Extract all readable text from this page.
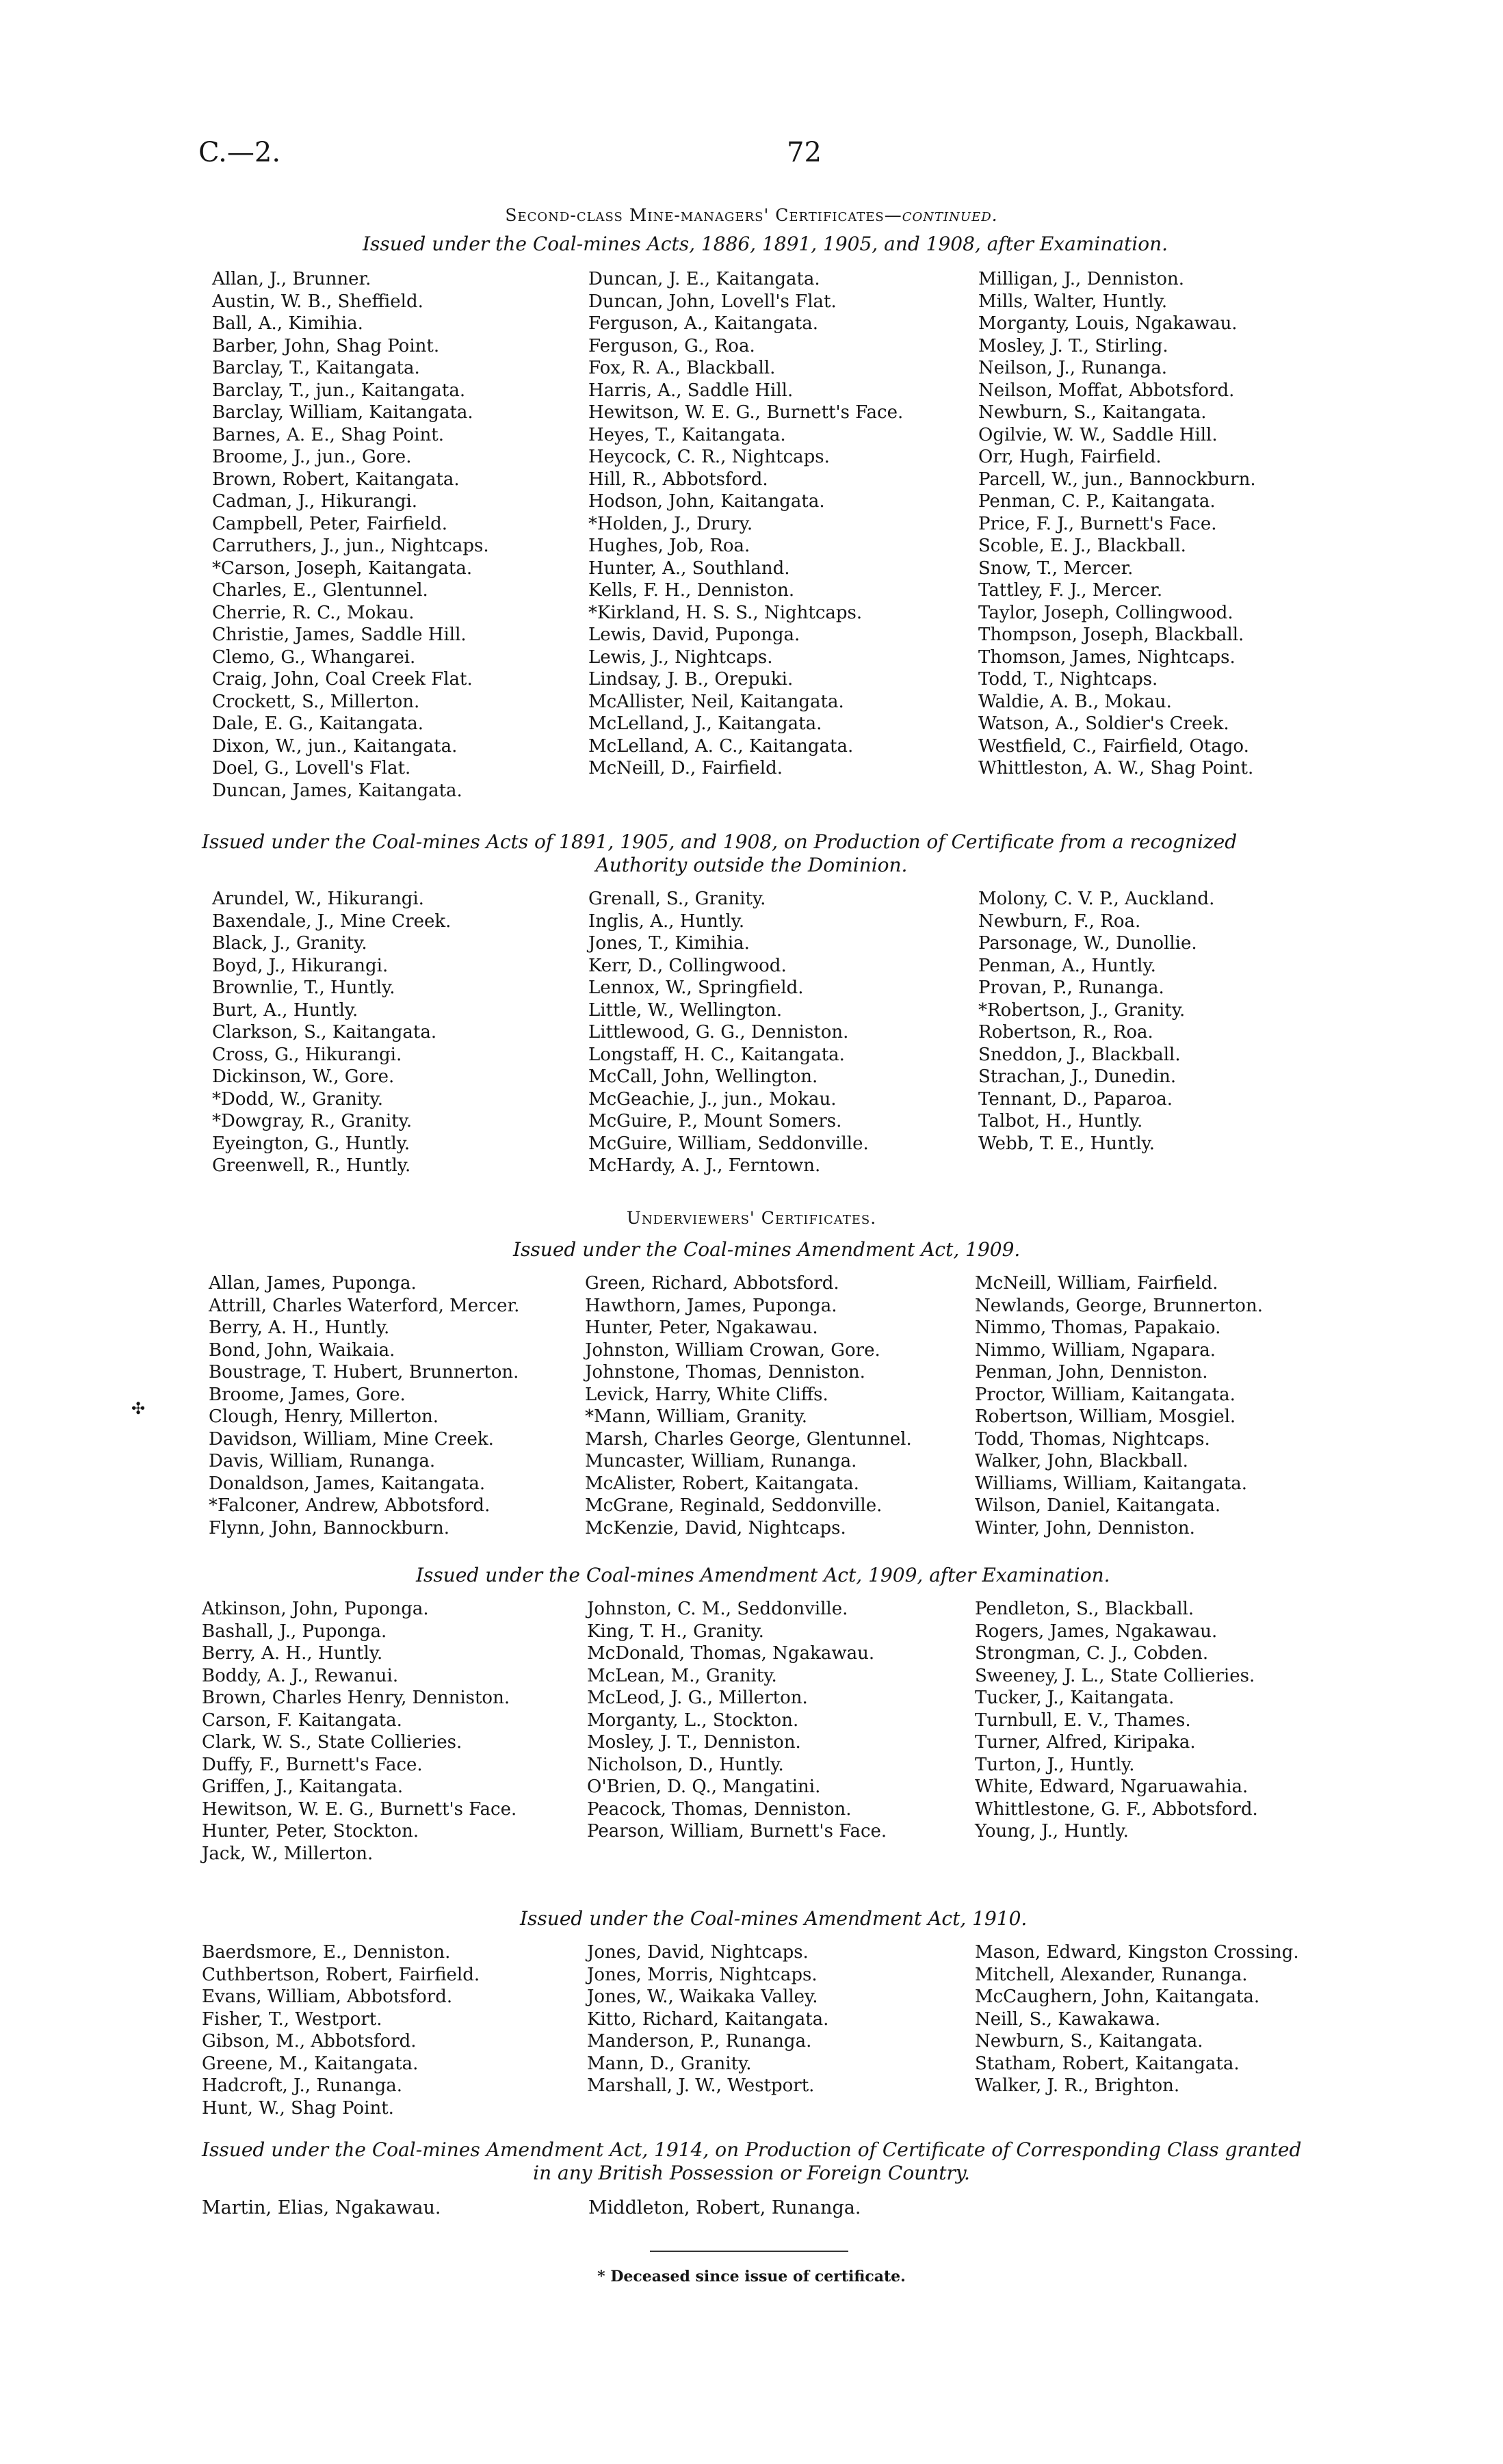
C.—2.	72
Second-class Mine-managers' Certificates—continued.
Issued under the Coal-mines Acts, 1886, 1891, 1905, and 1908, after Examination.
Allan, J., Brunner.
Austin, W. B., Sheffield.
Ball, A., Kimihia.
Barber, John, Shag Point.
Barclay, T., Kaitangata.
Barclay, T., jun., Kaitangata.
Barclay, William, Kaitangata.
Barnes, A. E., Shag Point.
Broome, J., jun., Gore.
Brown, Robert, Kaitangata.
Cadman, J., Hikurangi.
Campbell, Peter, Fairfield.
Carruthers, J., jun., Nightcaps.
*Carson, Joseph, Kaitangata.
Charles, E., Glentunnel.
Cherrie, R. C., Mokau.
Christie, James, Saddle Hill.
Clemo, G., Whangarei.
Craig, John, Coal Creek Flat.
Crockett, S., Millerton.
Dale, E. G., Kaitangata.
Dixon, W., jun., Kaitangata.
Doel, G., Lovell's Flat.
Duncan, James, Kaitangata.
Duncan, J. E., Kaitangata.
Duncan, John, Lovell's Flat.
Ferguson, A., Kaitangata.
Ferguson, G., Roa.
Fox, R. A., Blackball.
Harris, A., Saddle Hill.
Hewitson, W. E. G., Burnett's Face.
Heyes, T., Kaitangata.
Heycock, C. R., Nightcaps.
Hill, R., Abbotsford.
Hodson, John, Kaitangata.
*Holden, J., Drury.
Hughes, Job, Roa.
Hunter, A., Southland.
Kells, F. H., Denniston.
*Kirkland, H. S. S., Nightcaps.
Lewis, David, Puponga.
Lewis, J., Nightcaps.
Lindsay, J. B., Orepuki.
McAllister, Neil, Kaitangata.
McLelland, J., Kaitangata.
McLelland, A. C., Kaitangata.
McNeill, D., Fairfield.
Milligan, J., Denniston.
Mills, Walter, Huntly.
Morganty, Louis, Ngakawau.
Mosley, J. T., Stirling.
Neilson, J., Runanga.
Neilson, Moffat, Abbotsford.
Newburn, S., Kaitangata.
Ogilvie, W. W., Saddle Hill.
Orr, Hugh, Fairfield.
Parcell, W., jun., Bannockburn.
Penman, C. P., Kaitangata.
Price, F. J., Burnett's Face.
Scoble, E. J., Blackball.
Snow, T., Mercer.
Tattley, F. J., Mercer.
Taylor, Joseph, Collingwood.
Thompson, Joseph, Blackball.
Thomson, James, Nightcaps.
Todd, T., Nightcaps.
Waldie, A. B., Mokau.
Watson, A., Soldier's Creek.
Westfield, C., Fairfield, Otago.
Whittleston, A. W., Shag Point.
Issued under the Coal-mines Acts of 1891, 1905, and 1908, on Production of Certificate from a recognized
Authority outside the Dominion.
Arundel, W., Hikurangi.
Baxendale, J., Mine Creek.
Black, J., Granity.
Boyd, J., Hikurangi.
Brownlie, T., Huntly.
Burt, A., Huntly.
Clarkson, S., Kaitangata.
Cross, G., Hikurangi.
Dickinson, W., Gore.
*Dodd, W., Granity.
*Dowgray, R., Granity.
Eyeington, G., Huntly.
Greenwell, R., Huntly.
Grenall, S., Granity.
Inglis, A., Huntly.
Jones, T., Kimihia.
Kerr, D., Collingwood.
Lennox, W., Springfield.
Little, W., Wellington.
Littlewood, G. G., Denniston.
Longstaff, H. C., Kaitangata.
McCall, John, Wellington.
McGeachie, J., jun., Mokau.
McGuire, P., Mount Somers.
McGuire, William, Seddonville.
McHardy, A. J., Ferntown.
Molony, C. V. P., Auckland.
Newburn, F., Roa.
Parsonage, W., Dunollie.
Penman, A., Huntly.
Provan, P., Runanga.
*Robertson, J., Granity.
Robertson, R., Roa.
Sneddon, J., Blackball.
Strachan, J., Dunedin.
Tennant, D., Paparoa.
Talbot, H., Huntly.
Webb, T. E., Huntly.
Underviewers' Certificates.
Issued under the Coal-mines Amendment Act, 1909.
Allan, James, Puponga.
Attrill, Charles Waterford, Mercer.
Berry, A. H., Huntly.
Bond, John, Waikaia.
Boustrage, T. Hubert, Brunnerton.
Broome, James, Gore.
Clough, Henry, Millerton.
Davidson, William, Mine Creek.
Davis, William, Runanga.
Donaldson, James, Kaitangata.
*Falconer, Andrew, Abbotsford.
Flynn, John, Bannockburn.
Green, Richard, Abbotsford.
Hawthorn, James, Puponga.
Hunter, Peter, Ngakawau.
Johnston, William Crowan, Gore.
Johnstone, Thomas, Denniston.
Levick, Harry, White Cliffs.
*Mann, William, Granity.
Marsh, Charles George, Glentunnel.
Muncaster, William, Runanga.
McAlister, Robert, Kaitangata.
McGrane, Reginald, Seddonville.
McKenzie, David, Nightcaps.
McNeill, William, Fairfield.
Newlands, George, Brunnerton.
Nimmo, Thomas, Papakaio.
Nimmo, William, Ngapara.
Penman, John, Denniston.
Proctor, William, Kaitangata.
Robertson, William, Mosgiel.
Todd, Thomas, Nightcaps.
Walker, John, Blackball.
Williams, William, Kaitangata.
Wilson, Daniel, Kaitangata.
Winter, John, Denniston.
✣
Issued under the Coal-mines Amendment Act, 1909, after Examination.
Atkinson, John, Puponga.
Bashall, J., Puponga.
Berry, A. H., Huntly.
Boddy, A. J., Rewanui.
Brown, Charles Henry, Denniston.
Carson, F. Kaitangata.
Clark, W. S., State Collieries.
Duffy, F., Burnett's Face.
Griffen, J., Kaitangata.
Hewitson, W. E. G., Burnett's Face.
Hunter, Peter, Stockton.
Jack, W., Millerton.
Johnston, C. M., Seddonville.
King, T. H., Granity.
McDonald, Thomas, Ngakawau.
McLean, M., Granity.
McLeod, J. G., Millerton.
Morganty, L., Stockton.
Mosley, J. T., Denniston.
Nicholson, D., Huntly.
O'Brien, D. Q., Mangatini.
Peacock, Thomas, Denniston.
Pearson, William, Burnett's Face.
Pendleton, S., Blackball.
Rogers, James, Ngakawau.
Strongman, C. J., Cobden.
Sweeney, J. L., State Collieries.
Tucker, J., Kaitangata.
Turnbull, E. V., Thames.
Turner, Alfred, Kiripaka.
Turton, J., Huntly.
White, Edward, Ngaruawahia.
Whittlestone, G. F., Abbotsford.
Young, J., Huntly.
Issued under the Coal-mines Amendment Act, 1910.
Baerdsmore, E., Denniston.
Cuthbertson, Robert, Fairfield.
Evans, William, Abbotsford.
Fisher, T., Westport.
Gibson, M., Abbotsford.
Greene, M., Kaitangata.
Hadcroft, J., Runanga.
Hunt, W., Shag Point.
Jones, David, Nightcaps.
Jones, Morris, Nightcaps.
Jones, W., Waikaka Valley.
Kitto, Richard, Kaitangata.
Manderson, P., Runanga.
Mann, D., Granity.
Marshall, J. W., Westport.
Mason, Edward, Kingston Crossing.
Mitchell, Alexander, Runanga.
McCaughern, John, Kaitangata.
Neill, S., Kawakawa.
Newburn, S., Kaitangata.
Statham, Robert, Kaitangata.
Walker, J. R., Brighton.
Issued under the Coal-mines Amendment Act, 1914, on Production of Certificate of Corresponding Class granted
in any British Possession or Foreign Country.
Martin, Elias, Ngakawau.	Middleton, Robert, Runanga.
* Deceased since issue of certificate.
